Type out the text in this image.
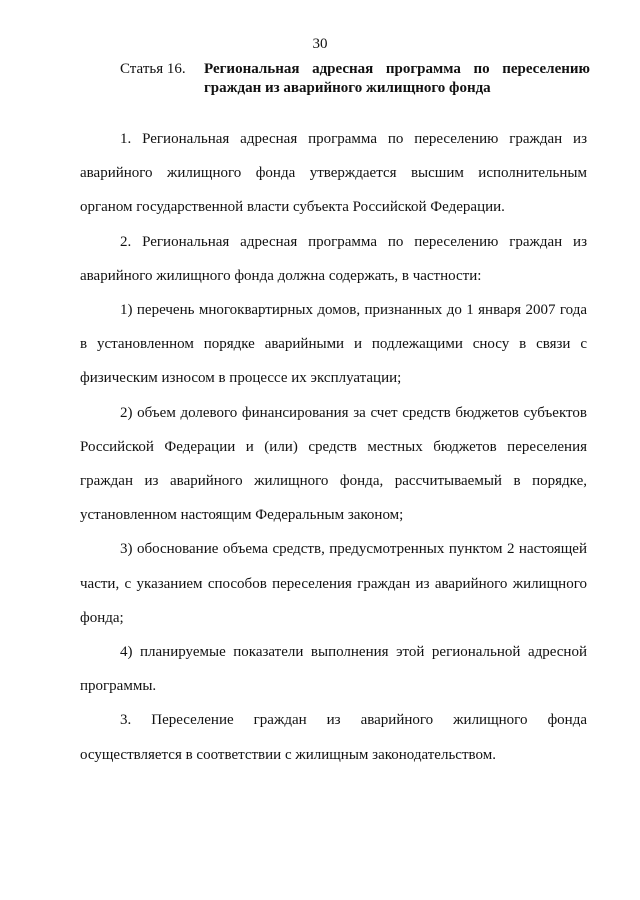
30
Статья 16. Региональная адресная программа по переселению
граждан из аварийного жилищного фонда

1. Региональная адресная программа по переселению граждан из аварийного жилищного фонда утверждается высшим исполнительным органом государственной власти субъекта Российской Федерации.

2. Региональная адресная программа по переселению граждан из аварийного жилищного фонда должна содержать, в частности:

1) перечень многоквартирных домов, признанных до 1 января 2007 года в установленном порядке аварийными и подлежащими сносу в связи с физическим износом в процессе их эксплуатации;

2) объем долевого финансирования за счет средств бюджетов субъектов Российской Федерации и (или) средств местных бюджетов переселения граждан из аварийного жилищного фонда, рассчитываемый в порядке, установленном настоящим Федеральным законом;

3) обоснование объема средств, предусмотренных пунктом 2 настоящей части, с указанием способов переселения граждан из аварийного жилищного фонда;

4) планируемые показатели выполнения этой региональной адресной программы.

3. Переселение граждан из аварийного жилищного фонда осуществляется в соответствии с жилищным законодательством.
